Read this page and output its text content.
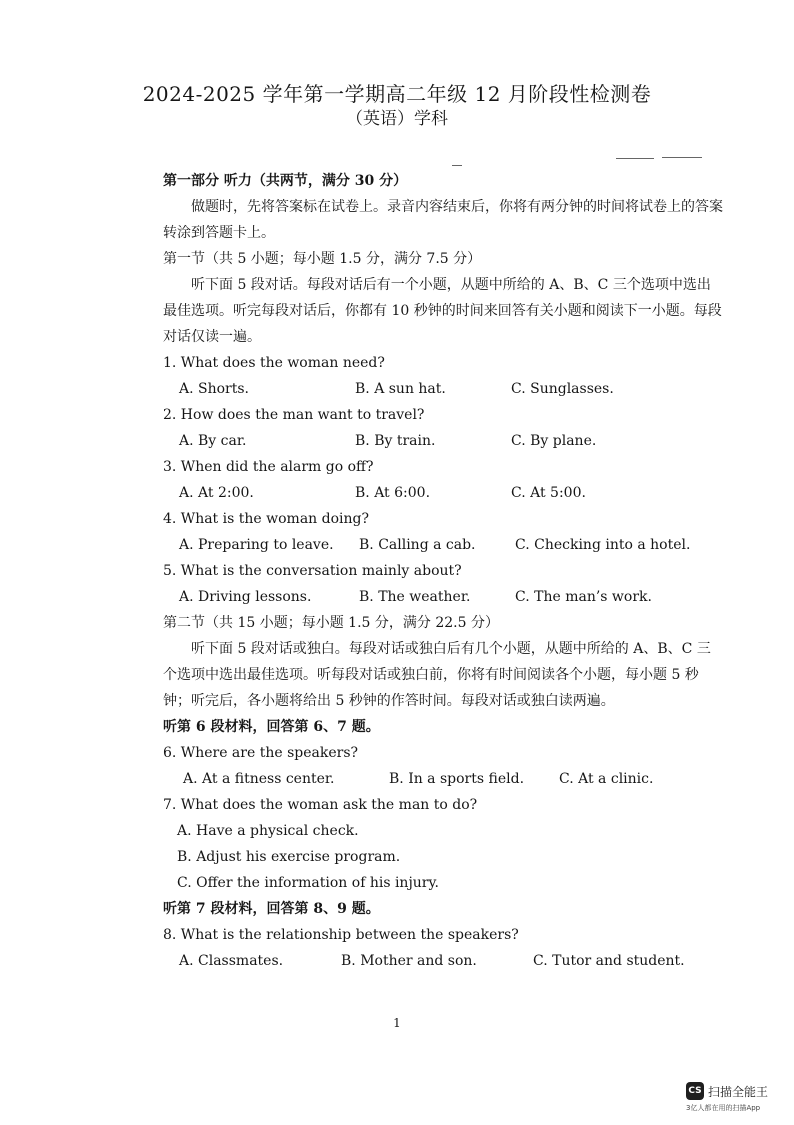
2024-2025 学年第一学期高二年级 12 月阶段性检测卷
（英语）学科
第一部分 听力（共两节，满分 30 分）
做题时，先将答案标在试卷上。录音内容结束后，你将有两分钟的时间将试卷上的答案转涂到答题卡上。
第一节（共 5 小题；每小题 1.5 分，满分 7.5 分）
听下面 5 段对话。每段对话后有一个小题，从题中所给的 A、B、C 三个选项中选出最佳选项。听完每段对话后，你都有 10 秒钟的时间来回答有关小题和阅读下一小题。每段对话仅读一遍。
1. What does the woman need?
A. Shorts.	B. A sun hat.	C. Sunglasses.
2. How does the man want to travel?
A. By car.	B. By train.	C. By plane.
3. When did the alarm go off?
A. At 2:00.	B. At 6:00.	C. At 5:00.
4. What is the woman doing?
A. Preparing to leave. B. Calling a cab.	C. Checking into a hotel.
5. What is the conversation mainly about?
A. Driving lessons.	B. The weather.	C. The man’s work.
第二节（共 15 小题；每小题 1.5 分，满分 22.5 分）
听下面 5 段对话或独白。每段对话或独白后有几个小题，从题中所给的 A、B、C 三个选项中选出最佳选项。听每段对话或独白前，你将有时间阅读各个小题，每小题 5 秒钟；听完后，各小题将给出 5 秒钟的作答时间。每段对话或独白读两遍。
听第 6 段材料，回答第 6、7 题。
6. Where are the speakers?
A. At a fitness center.	B. In a sports field. C. At a clinic.
7. What does the woman ask the man to do?
A. Have a physical check.
B. Adjust his exercise program.
C. Offer the information of his injury.
听第 7 段材料，回答第 8、9 题。
8. What is the relationship between the speakers?
A. Classmates.	B. Mother and son.	C. Tutor and student.
1
CS 扫描全能王
3亿人都在用的扫描App
